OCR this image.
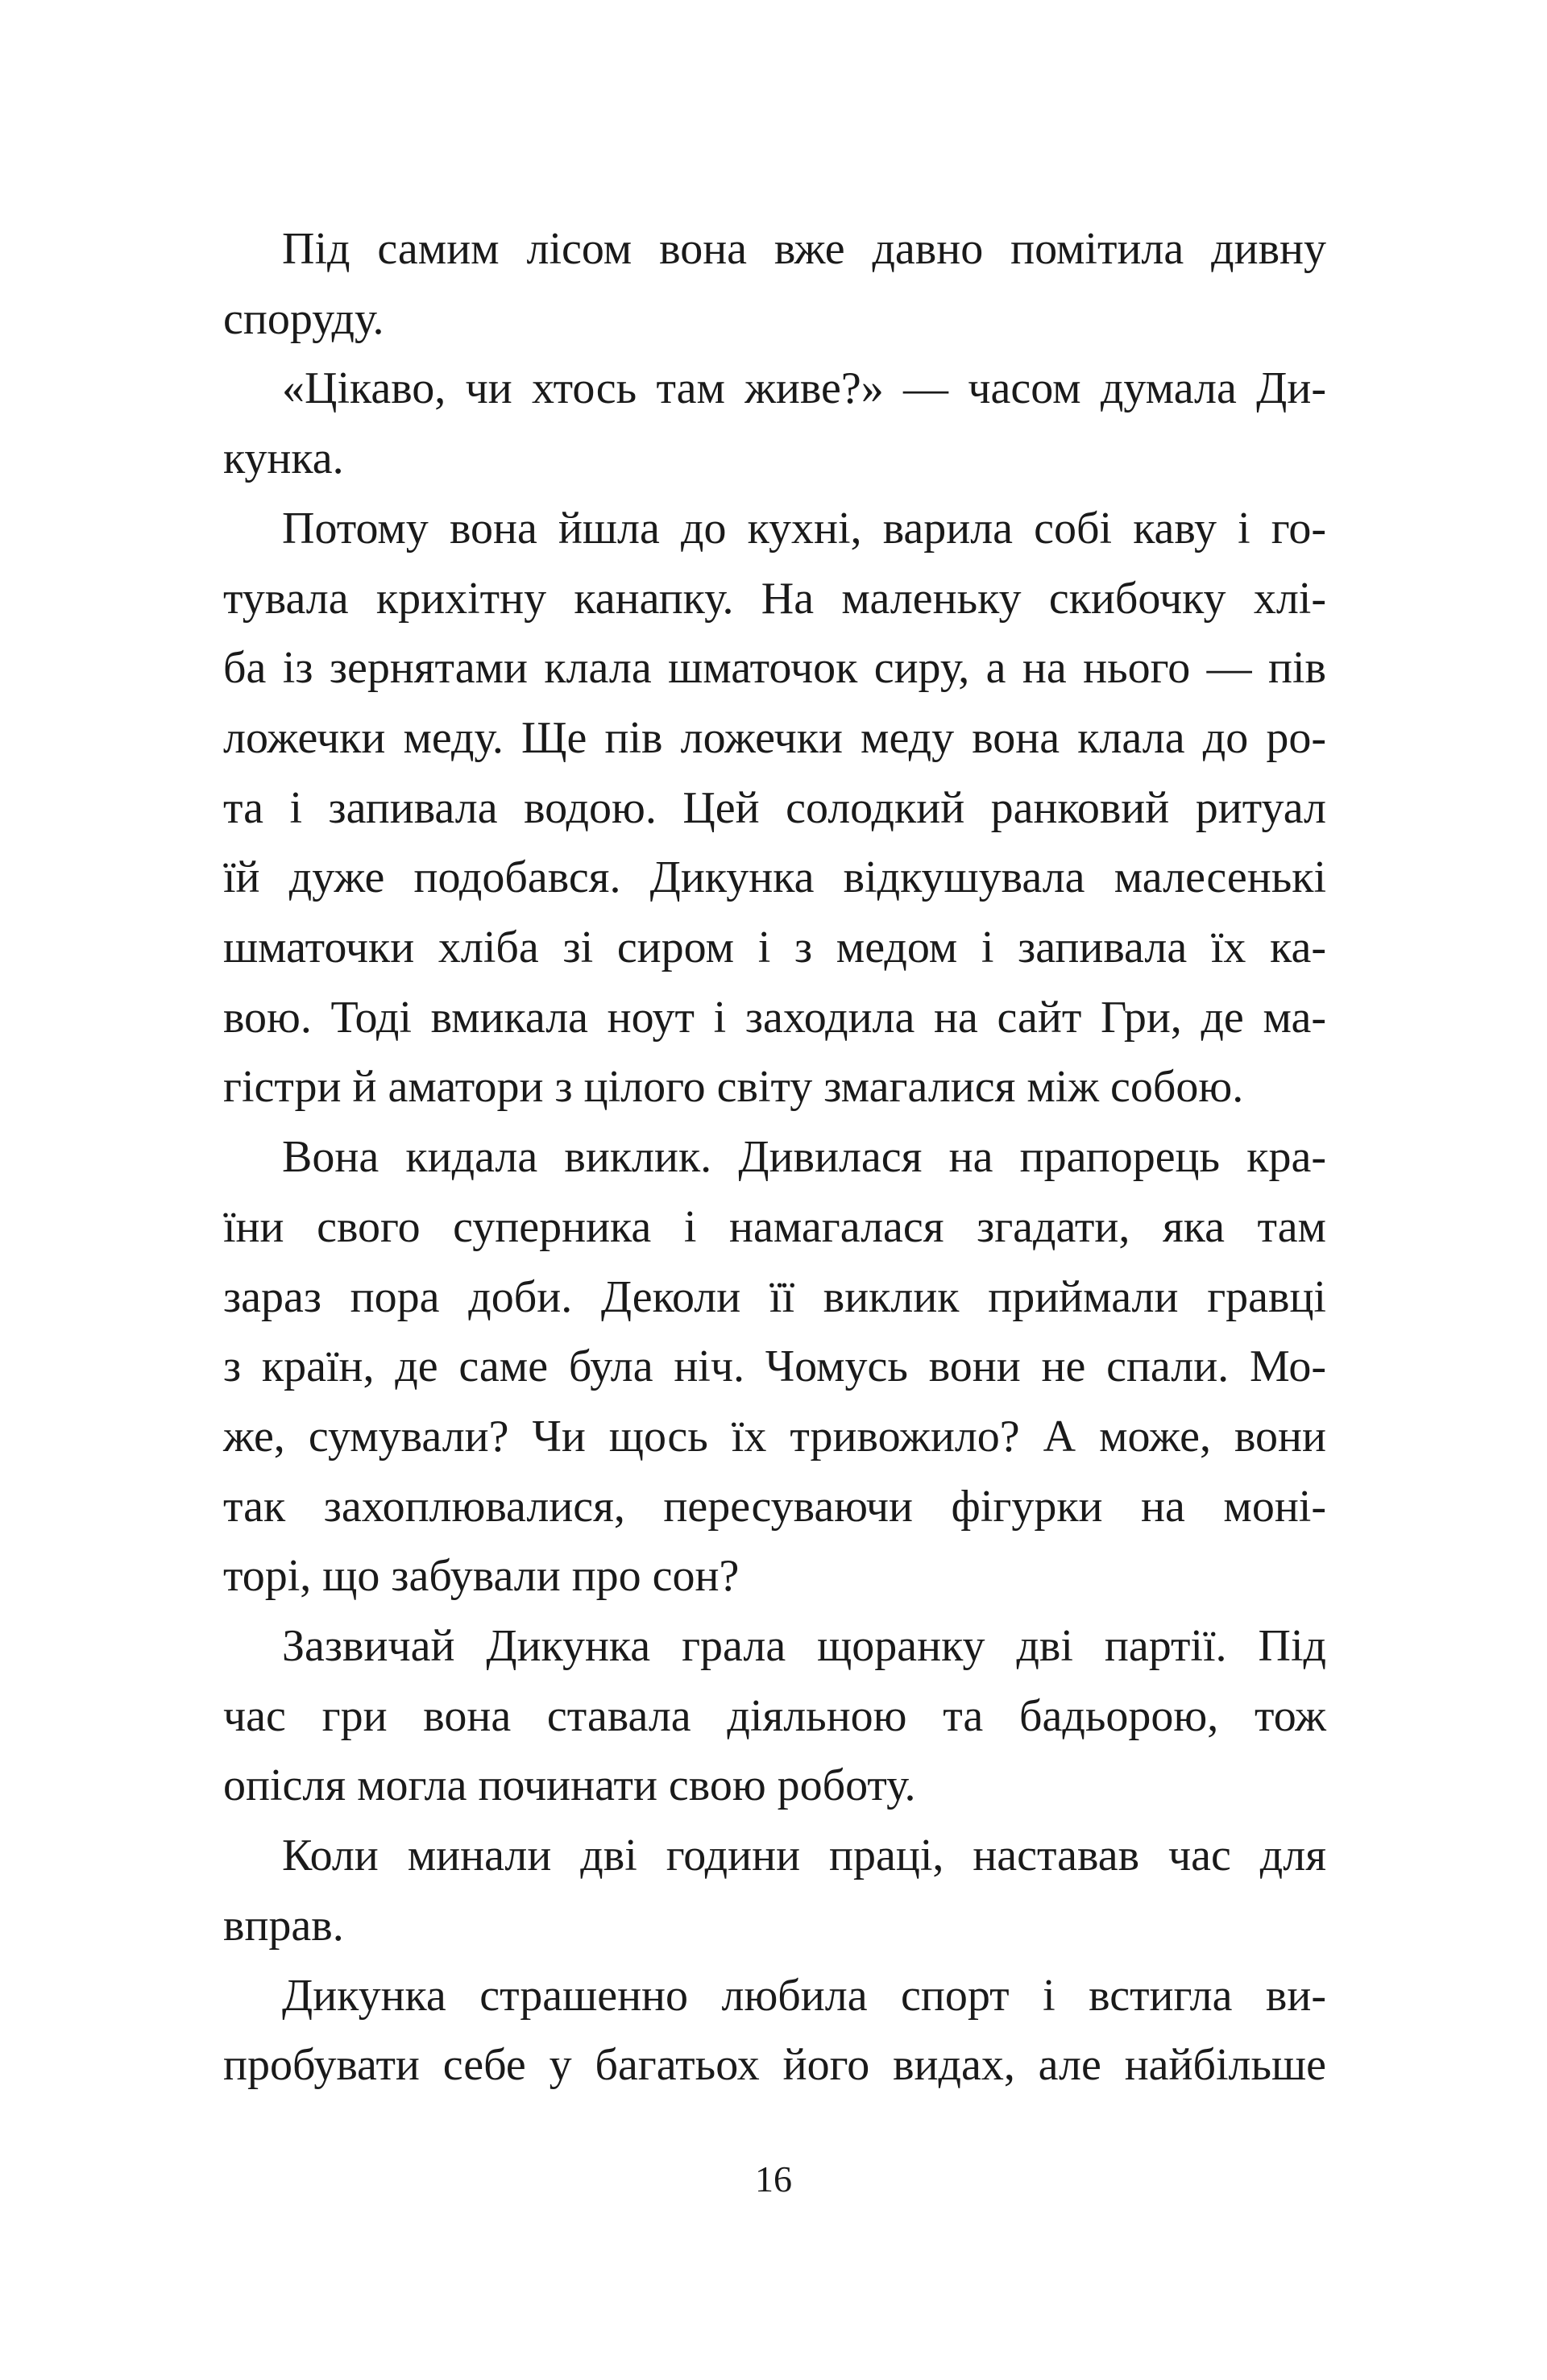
Під самим лісом вона вже давно помітила дивну
споруду.
«Цікаво, чи хтось там живе?» — часом думала Ди-
кунка.
Потому вона йшла до кухні, варила собі каву і го-
тувала крихітну канапку. На маленьку скибочку хлі-
ба із зернятами клала шматочок сиру, а на нього — пів
ложечки меду. Ще пів ложечки меду вона клала до ро-
та і запивала водою. Цей солодкий ранковий ритуал
їй дуже подобався. Дикунка відкушувала малесенькі
шматочки хліба зі сиром і з медом і запивала їх ка-
вою. Тоді вмикала ноут і заходила на сайт Гри, де ма-
гістри й аматори з цілого світу змагалися між собою.
Вона кидала виклик. Дивилася на прапорець кра-
їни свого суперника і намагалася згадати, яка там
зараз пора доби. Деколи її виклик приймали гравці
з країн, де саме була ніч. Чомусь вони не спали. Мо-
же, сумували? Чи щось їх тривожило? А може, вони
так захоплювалися, пересуваючи фігурки на моні-
торі, що забували про сон?
Зазвичай Дикунка грала щоранку дві партії. Під
час гри вона ставала діяльною та бадьорою, тож
опісля могла починати свою роботу.
Коли минали дві години праці, наставав час для
вправ.
Дикунка страшенно любила спорт і встигла ви-
пробувати себе у багатьох його видах, але найбільше
16
